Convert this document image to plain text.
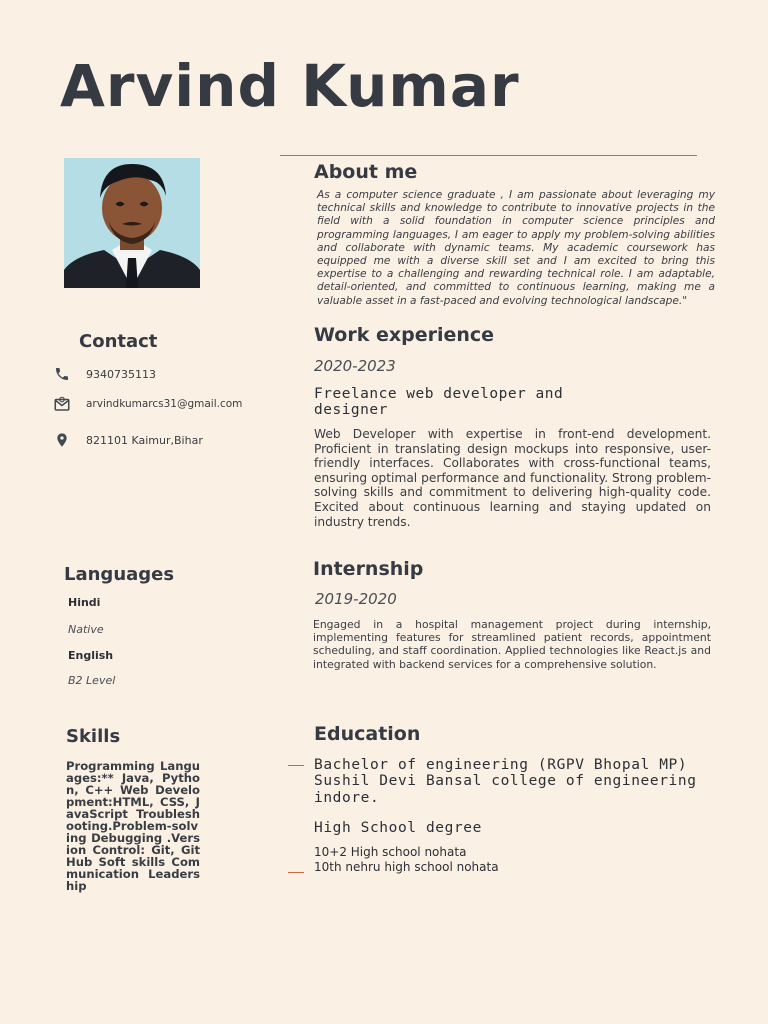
Arvind Kumar
About me
As a computer science graduate , I am passionate about leveraging my technical skills and knowledge to contribute to innovative projects in the field with a solid foundation in computer science principles and programming languages, I am eager to apply my problem-solving abilities and collaborate with dynamic teams. My academic coursework has equipped me with a diverse skill set and I am excited to bring this expertise to a challenging and rewarding technical role. I am adaptable, detail-oriented, and committed to continuous learning, making me a valuable asset in a fast-paced and evolving technological landscape."
Contact
9340735113
arvindkumarcs31@gmail.com
821101 Kaimur,Bihar
Work experience
2020-2023
Freelance web developer and
designer
Web Developer with expertise in front-end development. Proficient in translating design mockups into responsive, user-friendly interfaces. Collaborates with cross-functional teams, ensuring optimal performance and functionality. Strong problem-solving skills and commitment to delivering high-quality code. Excited about continuous learning and staying updated on industry trends.
Languages
Hindi
Native
English
B2 Level
Internship
2019-2020
Engaged in a hospital management project during internship, implementing features for streamlined patient records, appointment scheduling, and staff coordination. Applied technologies like React.js and integrated with backend services for a comprehensive solution.
Skills
Programming Languages:** Java, Python, C++ Web Development:HTML, CSS, JavaScript Troubleshooting.Problem-solving Debugging .Version Control: Git, GitHub Soft skills Communication Leadership
Education
Bachelor of engineering (RGPV Bhopal MP)
Sushil Devi Bansal college of engineering
indore.
High School degree
10+2 High school nohata
10th nehru high school nohata
